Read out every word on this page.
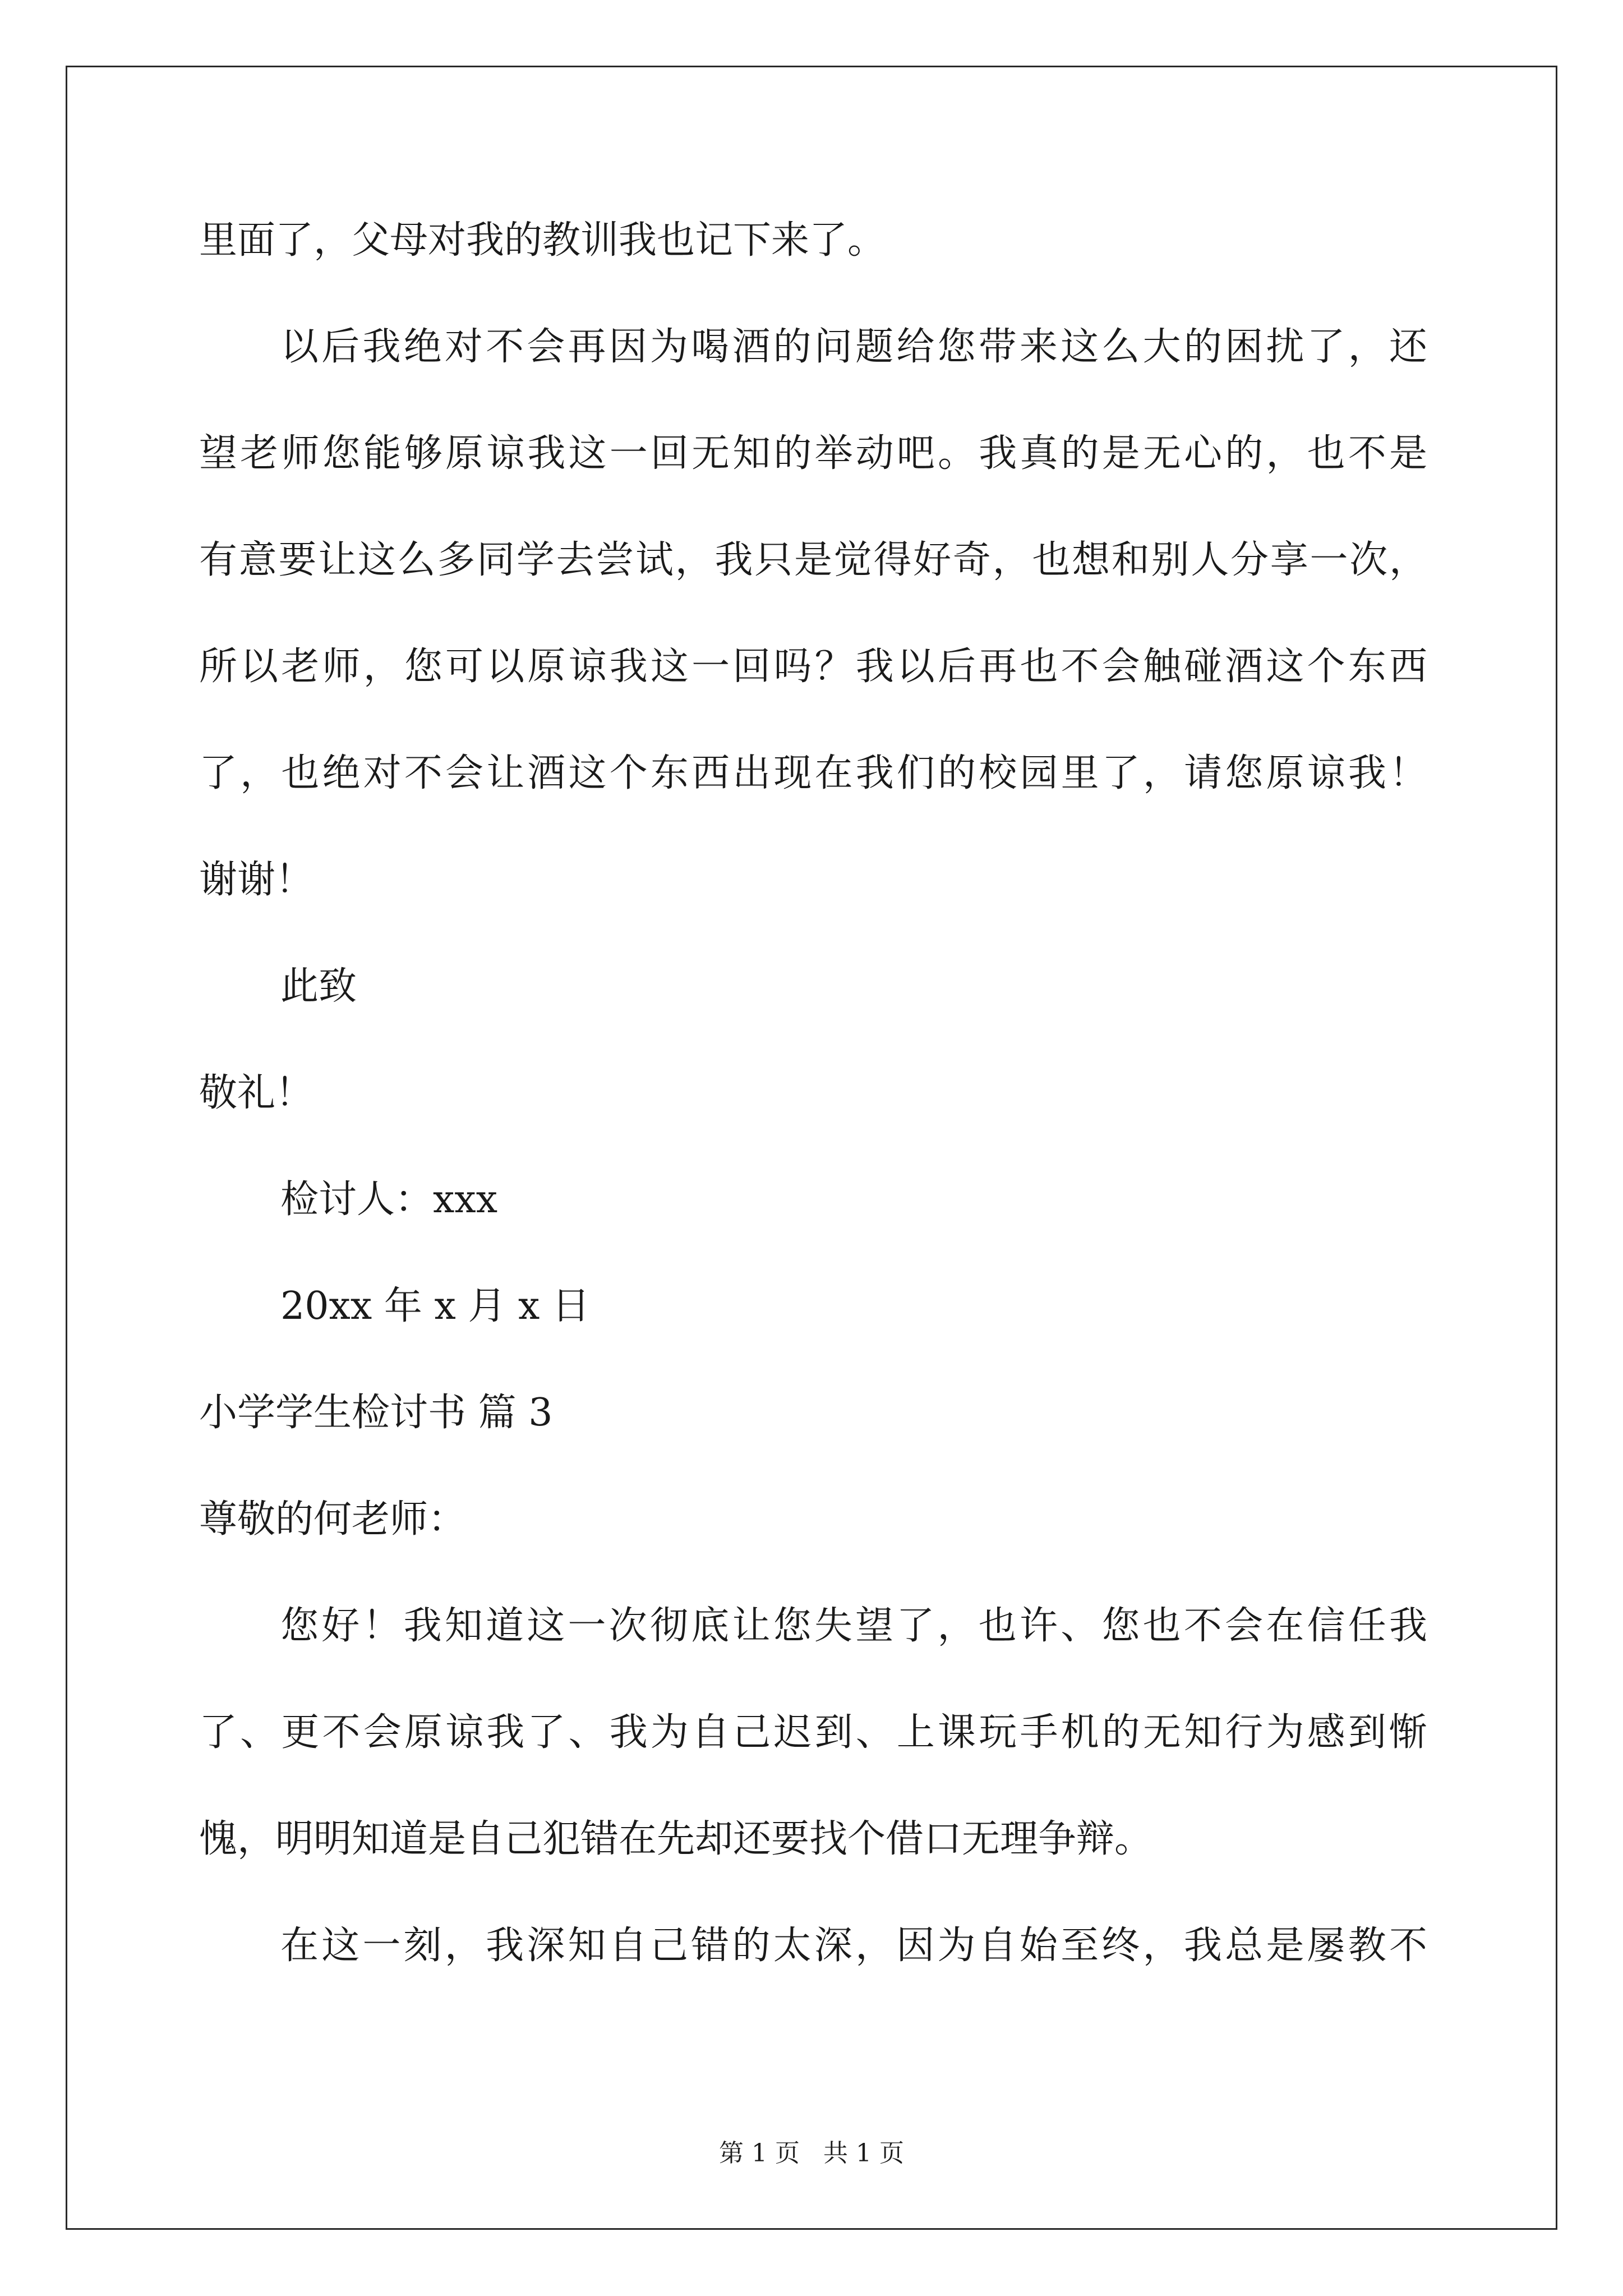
里面了，父母对我的教训我也记下来了。
以后我绝对不会再因为喝酒的问题给您带来这么大的困扰了，还
望老师您能够原谅我这一回无知的举动吧。我真的是无心的，也不是
有意要让这么多同学去尝试，我只是觉得好奇，也想和别人分享一次，
所以老师，您可以原谅我这一回吗？我以后再也不会触碰酒这个东西
了，也绝对不会让酒这个东西出现在我们的校园里了，请您原谅我！
谢谢！
此致
敬礼！
检讨人：xxx
20xx 年 x 月 x 日
小学学生检讨书 篇 3
尊敬的何老师：
您好！我知道这一次彻底让您失望了，也许、您也不会在信任我
了、更不会原谅我了、我为自己迟到、上课玩手机的无知行为感到惭
愧，明明知道是自己犯错在先却还要找个借口无理争辩。
在这一刻，我深知自己错的太深，因为自始至终，我总是屡教不
第 1 页   共 1 页
